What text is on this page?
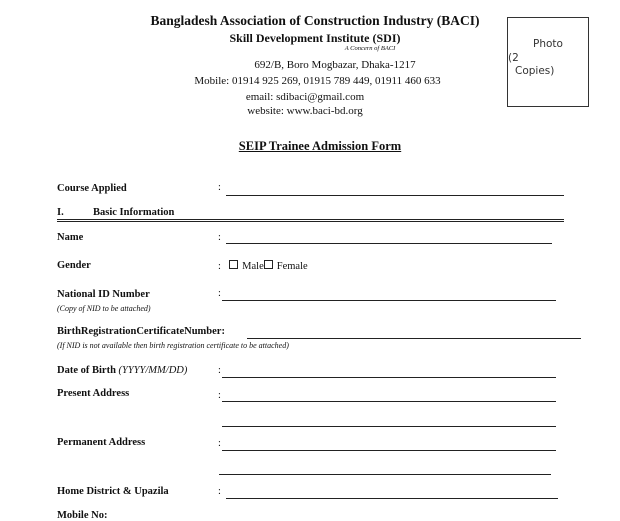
Bangladesh Association of Construction Industry (BACI)
Skill Development Institute (SDI)
A Concern of BACI
692/B, Boro Mogbazar, Dhaka-1217
Mobile: 01914 925 269, 01915 789 449, 01911 460 633
email: sdibaci@gmail.com
website: www.baci-bd.org
Photo
(2
Copies)
SEIP Trainee Admission Form
Course Applied	:
I.	Basic Information
Name	:
Gender	: Male Female
National ID Number
(Copy of NID to be attached)
:
BirthRegistrationCertificateNumber:
(If NID is not available then birth registration certificate to be attached)
Date of Birth (YYYY/MM/DD)	:
Present Address	:
Permanent Address	:
Home District & Upazila	:
Mobile No:
